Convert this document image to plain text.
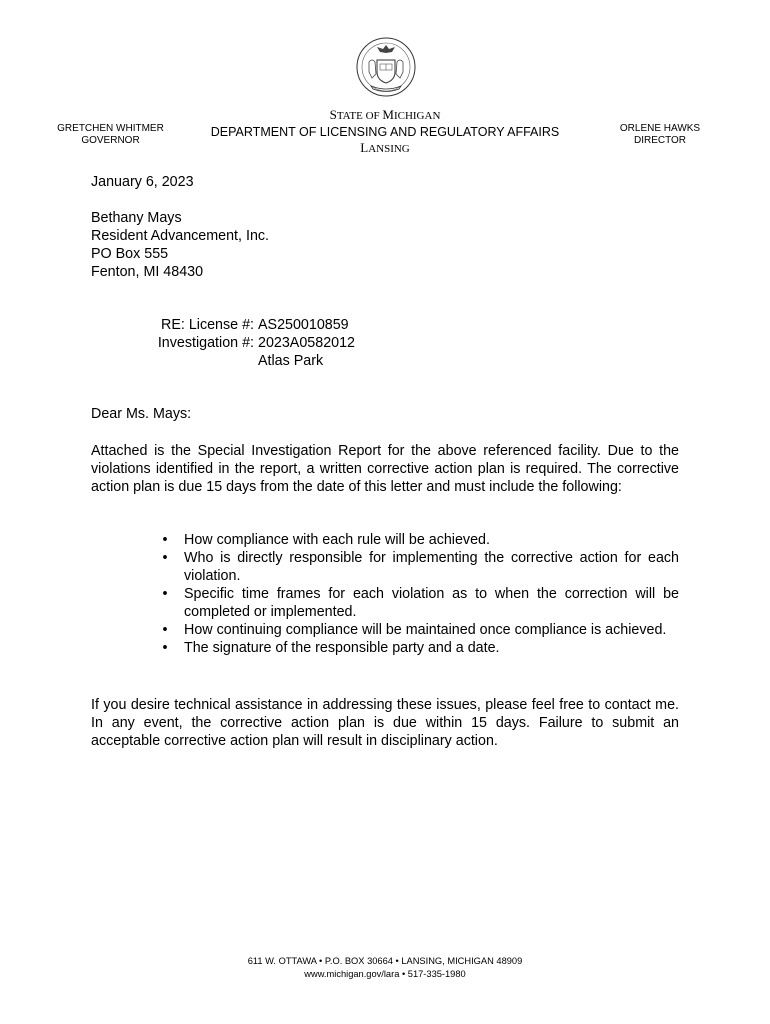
GRETCHEN WHITMER
GOVERNOR
STATE OF MICHIGAN
DEPARTMENT OF LICENSING AND REGULATORY AFFAIRS
LANSING
ORLENE HAWKS
DIRECTOR
January 6, 2023
Bethany Mays
Resident Advancement, Inc.
PO Box 555
Fenton, MI 48430
RE: License #: AS250010859
Investigation #: 2023A0582012
Atlas Park
Dear Ms. Mays:
Attached is the Special Investigation Report for the above referenced facility. Due to the violations identified in the report, a written corrective action plan is required. The corrective action plan is due 15 days from the date of this letter and must include the following:
• How compliance with each rule will be achieved.
• Who is directly responsible for implementing the corrective action for each violation.
• Specific time frames for each violation as to when the correction will be completed or implemented.
• How continuing compliance will be maintained once compliance is achieved.
• The signature of the responsible party and a date.
If you desire technical assistance in addressing these issues, please feel free to contact me. In any event, the corrective action plan is due within 15 days. Failure to submit an acceptable corrective action plan will result in disciplinary action.
611 W. OTTAWA • P.O. BOX 30664 • LANSING, MICHIGAN 48909
www.michigan.gov/lara • 517-335-1980
